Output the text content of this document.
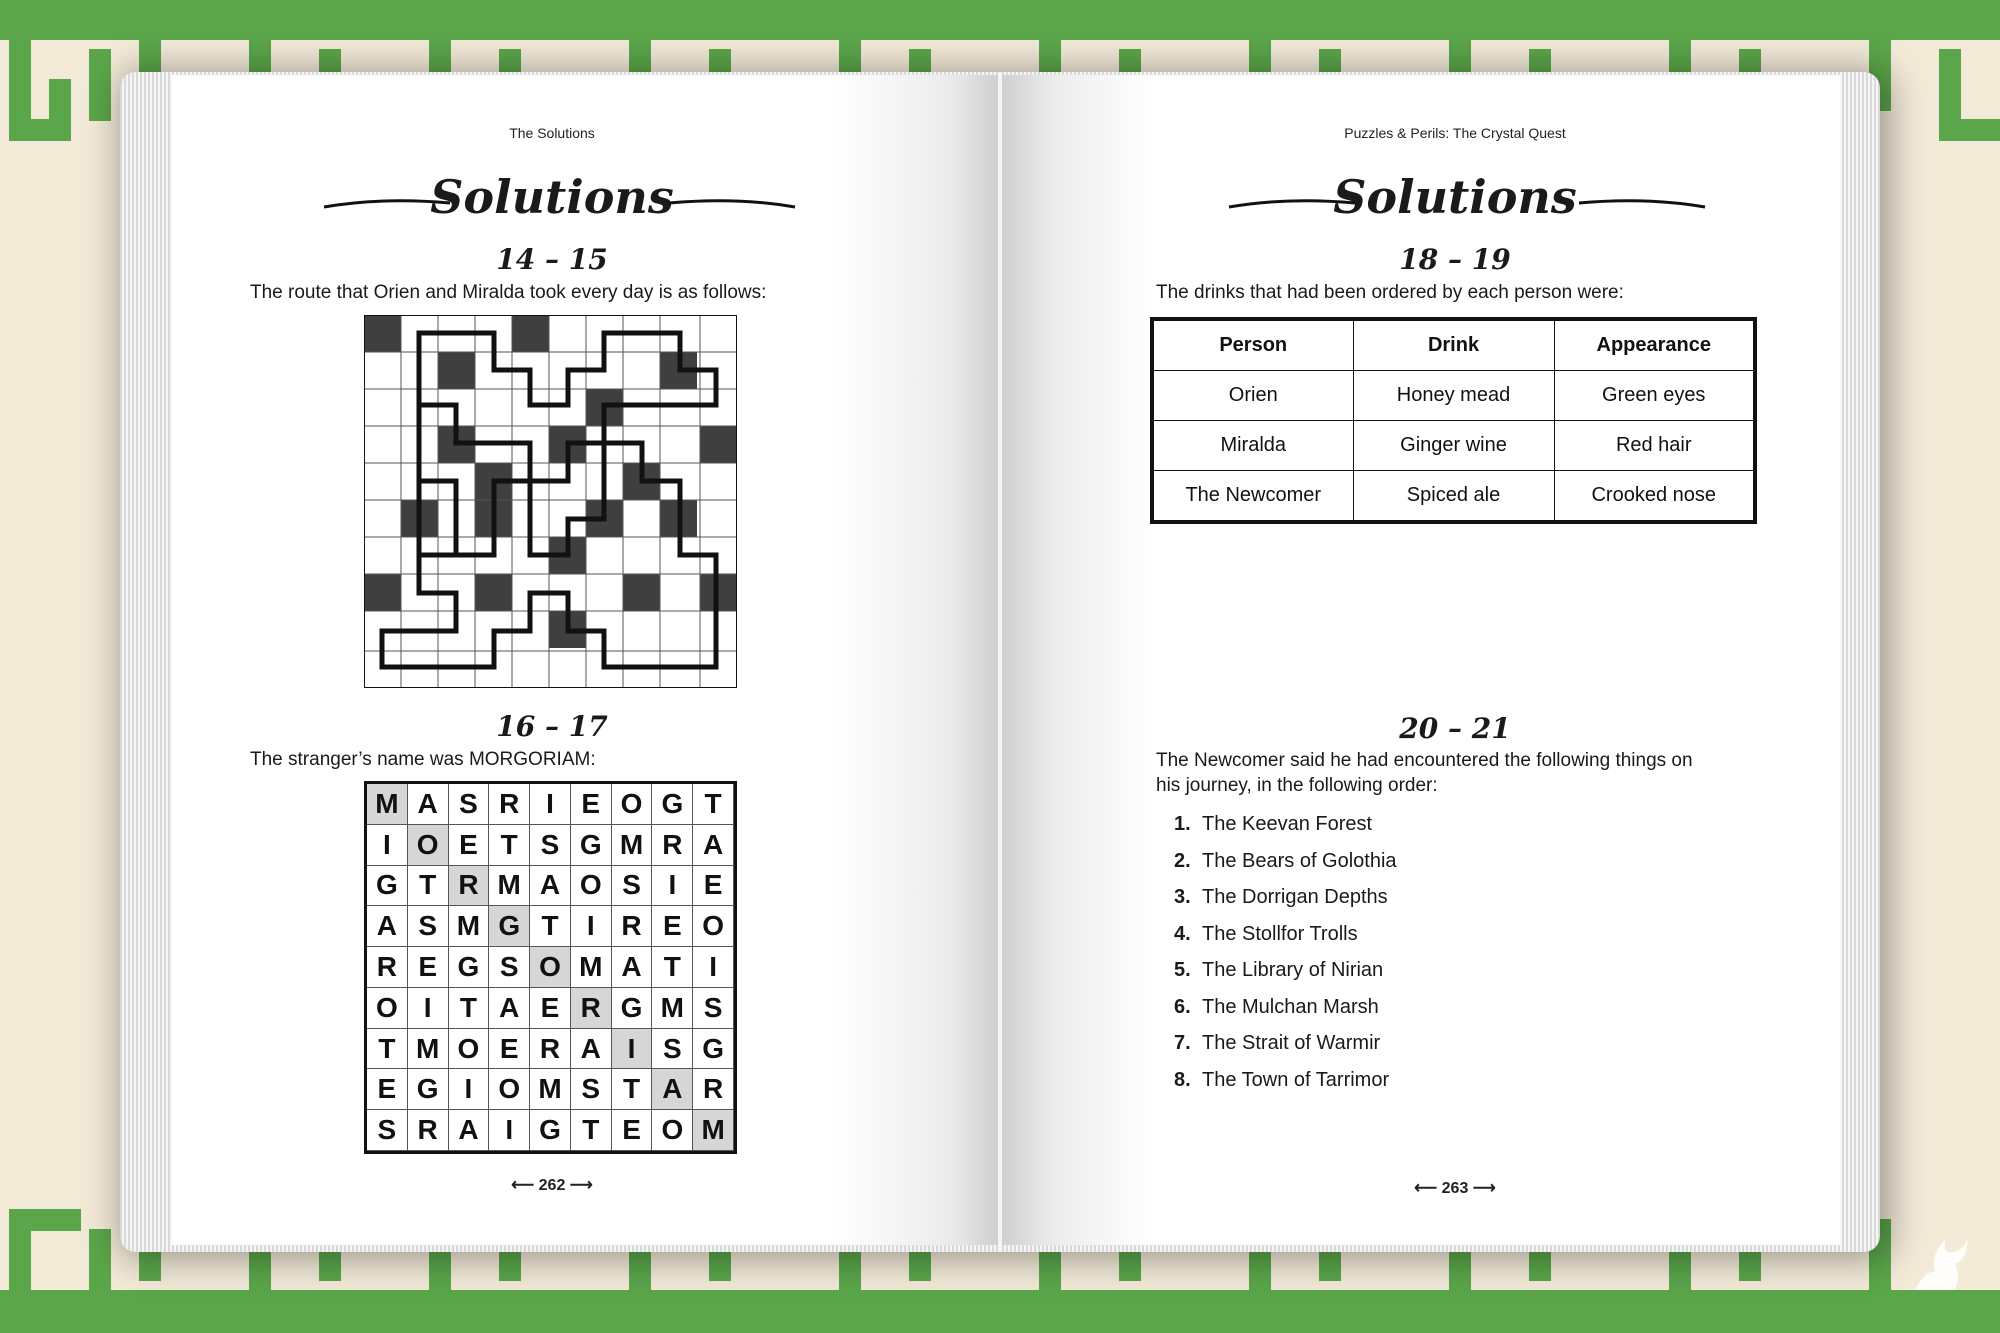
The Solutions
Solutions
14 – 15
The route that Orien and Miralda took every day is as follows:
16 – 17
The stranger’s name was MORGORIAM:
M A S R I E O G T
I O E T S G M R A
G T R M A O S I E
A S M G T	I R E O
R E G S O M A T	I
O I	T A E R G M S
T M O E R A I S G
E G I O M S T A R
S R A I G T E O M
⟵ 262 ⟶
Puzzles & Perils: The Crystal Quest
Solutions
18 – 19
The drinks that had been ordered by each person were:
Person	Drink	Appearance
Orien	Honey mead	Green eyes
Miralda	Ginger wine	Red hair
The Newcomer	Spiced ale	Crooked nose
20 – 21
The Newcomer said he had encountered the following things on
his journey, in the following order:
1. The Keevan Forest
2. The Bears of Golothia
3. The Dorrigan Depths
4. The Stollfor Trolls
5. The Library of Nirian
6. The Mulchan Marsh
7. The Strait of Warmir
8. The Town of Tarrimor
⟵ 263 ⟶
